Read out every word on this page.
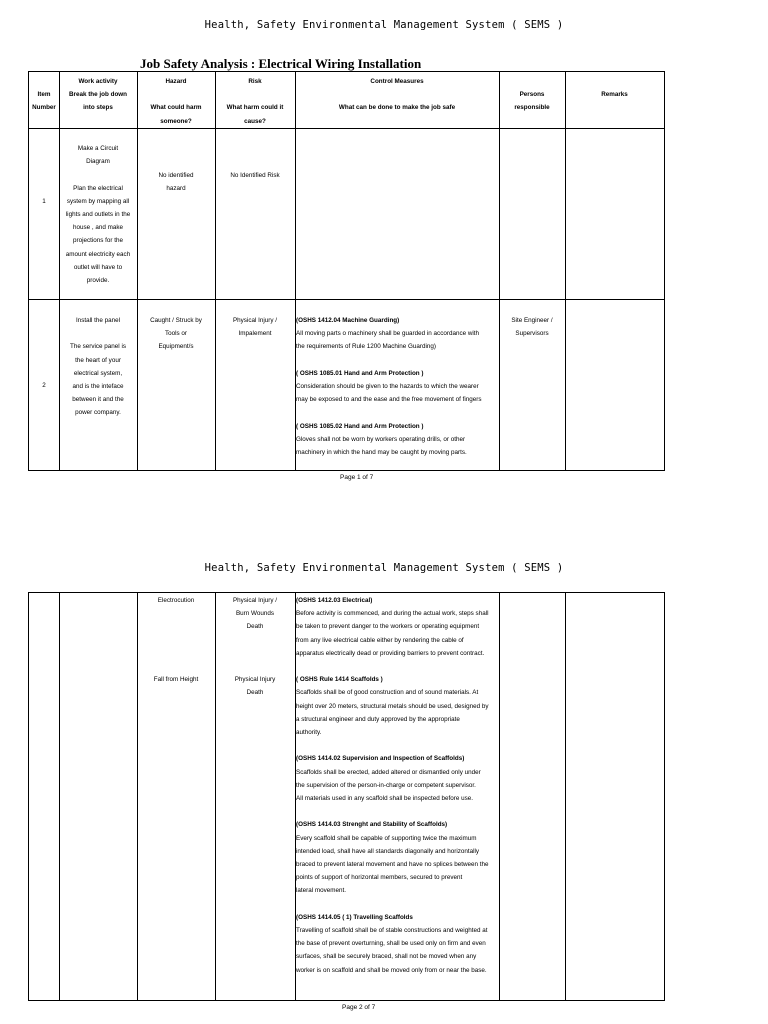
Health, Safety Environmental Management System ( SEMS )
Job Safety Analysis : Electrical Wiring Installation
Item
Number
Work activity
Break the job down
into steps
Hazard

What could harm
someone?
Risk

What harm could it
cause?
Control Measures

What can be done to make the job safe
Persons
responsible
Remarks
1
Make a Circuit
Diagram

Plan the electrical
system by mapping all
lights and outlets in the
house , and make
projections for the
amount electricity each
outlet will have to
provide.
No identified
hazard
No Identified Risk
2
Install the panel

The service panel is
the heart of your
electrical system,
and is the inteface
between it and the
power company.
Caught / Struck by
Tools or
Equipment/s
Physical Injury /
Impalement

(OSHS 1412.04 Machine Guarding)

All moving parts o machinery shall be guarded in accordance with

the requirements of Rule 1200 Machine Guarding)

( OSHS 1085.01 Hand and Arm Protection )

Consideration should be given to the hazards to which the wearer

may be exposed to and the ease and the free movement of fingers

( OSHS 1085.02 Hand and Arm Protection )

Gloves shall not be worn by workers operating drills, or other

machinery in which the hand may be caught by moving parts.

Site Engineer /
Supervisors
Page 1 of 7
Health, Safety Environmental Management System ( SEMS )
Electrocution	Physical Injury /
Burn Wounds
Death
Fall from Height	Physical Injury
Death

(OSHS 1412.03 Electrical)

Before activity is commenced, and during the actual work, steps shall

be taken to prevent danger to the workers or operating equipment

from any live electrical cable either by rendering the cable of

apparatus electrically dead or providing barriers to prevent contract.

( OSHS Rule 1414 Scaffolds )

Scaffolds shall be of good construction and of sound materials. At

height over 20 meters, structural metals should be used, designed by

a structural engineer and duty approved by the appropriate

authority.

(OSHS 1414.02 Supervision and Inspection of Scaffolds)

Scaffolds shall be erected, added altered or dismantled only under

the supervision of the person-in-charge or competent supervisor.

All materials used in any scaffold shall be inspected before use.

(OSHS 1414.03 Strenght and Stability of Scaffolds)

Every scaffold shall be capable of supporting twice the maximum

intended load, shall have all standards diagonally and horizontally

braced to prevent lateral movement and have no splices between the

points of support of horizontal members, secured to prevent

lateral movement.

(OSHS 1414.05 ( 1) Travelling Scaffolds

Travelling of scaffold shall be of stable constructions and weighted at

the base of prevent overturning, shall be used only on firm and even

surfaces, shall be securely braced, shall not be moved when any

worker is on scaffold and shall be moved only from or near the base.

Page 2 of 7
